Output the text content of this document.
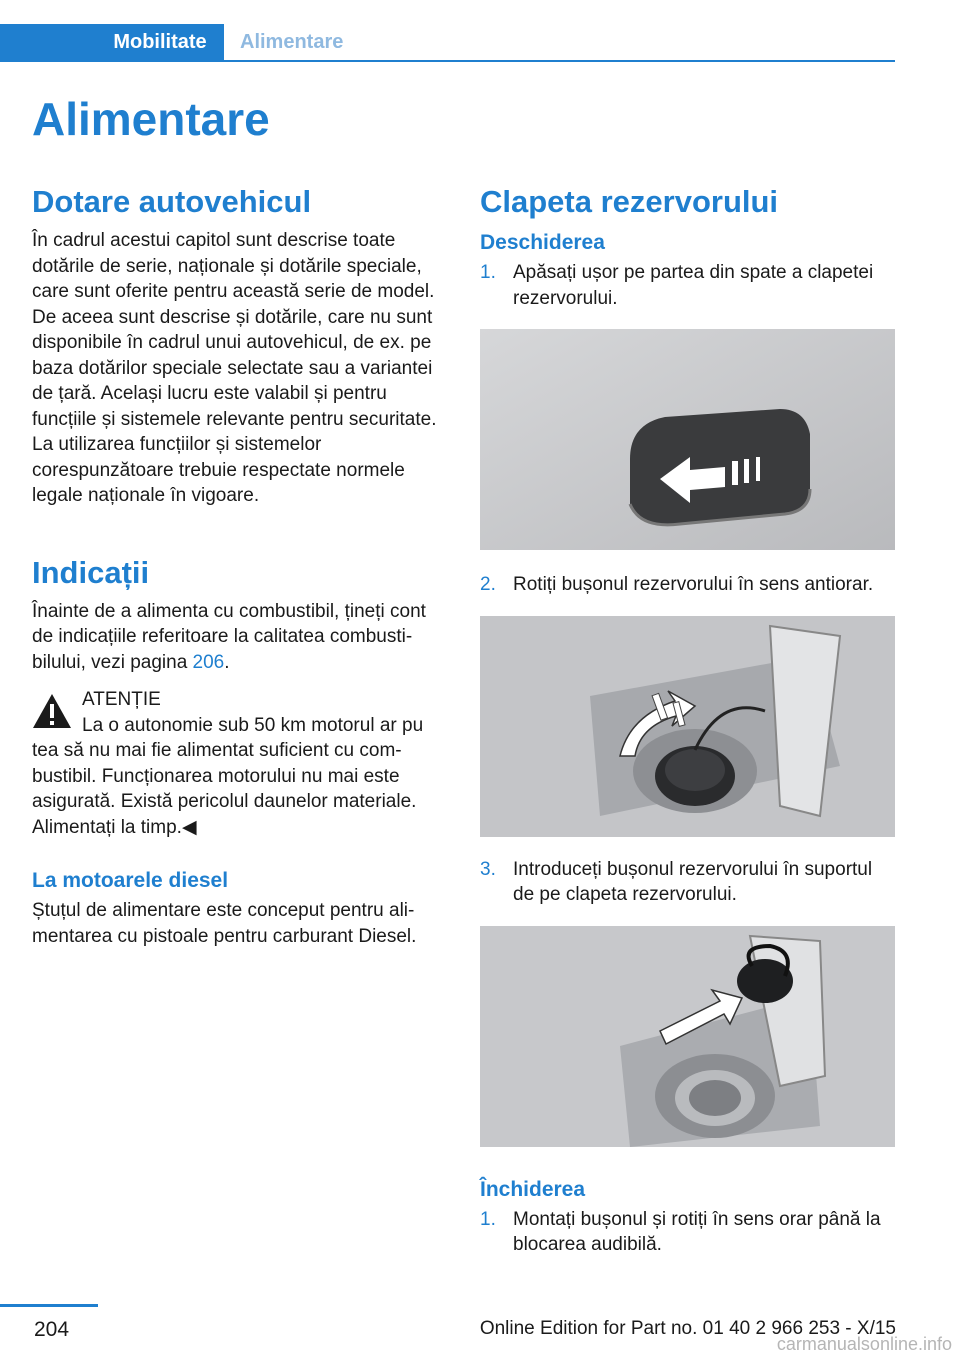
Mobilitate	Alimentare
Alimentare
Dotare autovehicul

În cadrul acestui capitol sunt descrise toate dotările de serie, naționale și dotările speciale, care sunt oferite pentru această serie de model. De aceea sunt descrise și dotările, care nu sunt disponibile în cadrul unui autovehicul, de ex. pe baza dotărilor speciale selectate sau a variantei de țară. Același lucru este valabil și pentru funcțiile și sistemele relevante pentru securitate. La utilizarea funcțiilor și sistemelor corespunzătoare trebuie respectate normele legale naționale în vigoare.

Indicații

Înainte de a alimenta cu combustibil, țineți cont de indicațiile referitoare la calitatea combustibilului, vezi pagina 206.

ATENȚIE

La o autonomie sub 50 km motorul ar pu

tea să nu mai fie alimentat suficient cu combustibil. Funcționarea motorului nu mai este asigurată. Există pericolul daunelor materiale. Alimentați la timp.◀

La motoarele diesel

Ștuțul de alimentare este conceput pentru alimentarea cu pistoale pentru carburant Diesel.

Clapeta rezervorului
Deschiderea
1. Apăsați ușor pe partea din spate a clapetei rezervorului.
2. Rotiți bușonul rezervorului în sens antiorar.
3. Introduceți bușonul rezervorului în suportul de pe clapeta rezervorului.
Închiderea
1. Montați bușonul și rotiți în sens orar până la blocarea audibilă.
204	Online Edition for Part no. 01 40 2 966 253 - X/15
carmanualsonline.info
